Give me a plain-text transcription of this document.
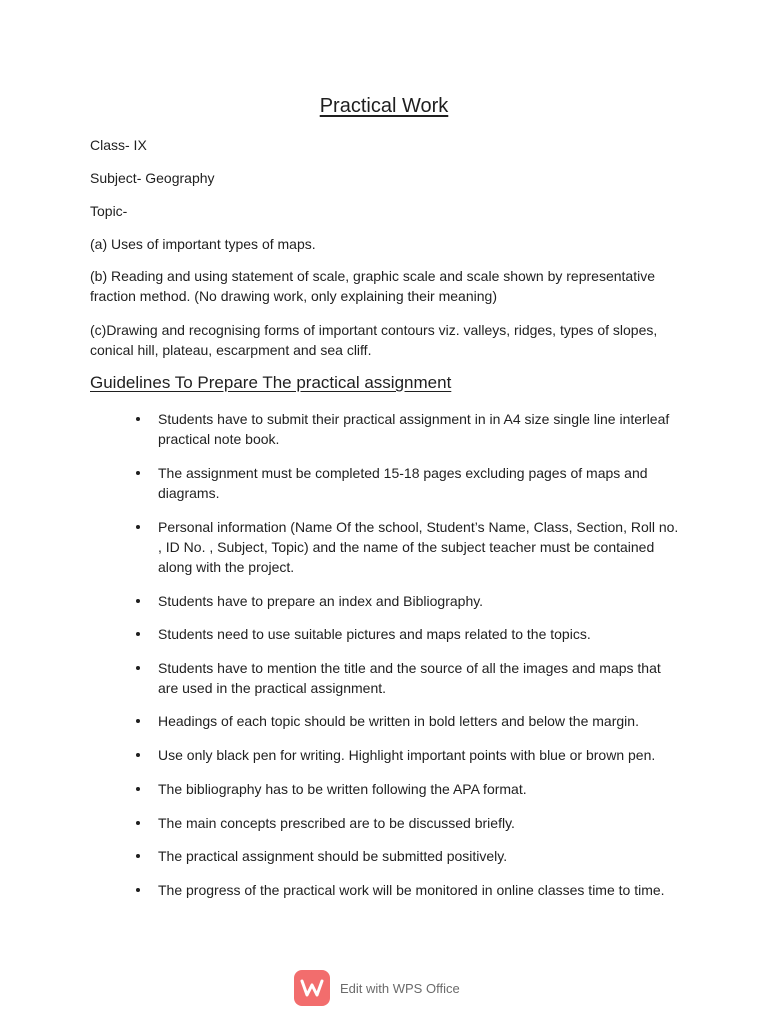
Practical Work

Class- IX

Subject- Geography

Topic-

(a) Uses of important types of maps.

(b) Reading and using statement of scale, graphic scale and scale shown by representative fraction method. (No drawing work, only explaining their meaning)

(c)Drawing and recognising forms of important contours viz. valleys, ridges, types of slopes, conical hill, plateau, escarpment and sea cliff.

Guidelines To Prepare The practical assignment
Students have to submit their practical assignment in in A4 size single line interleaf practical note book.
The assignment must be completed 15-18 pages excluding pages of maps and diagrams.
Personal information (Name Of the school, Student’s Name, Class, Section, Roll no. , ID No. , Subject, Topic) and the name of the subject teacher must be contained along with the project.
Students have to prepare an index and Bibliography.
Students need to use suitable pictures and maps related to the topics.
Students have to mention the title and the source of all the images and maps that are used in the practical assignment.
Headings of each topic should be written in bold letters and below the margin.
Use only black pen for writing. Highlight important points with blue or brown pen.
The bibliography has to be written following the APA format.
The main concepts prescribed are to be discussed briefly.
The practical assignment should be submitted positively.
The progress of the practical work will be monitored in online classes time to time.
Edit with WPS Office
